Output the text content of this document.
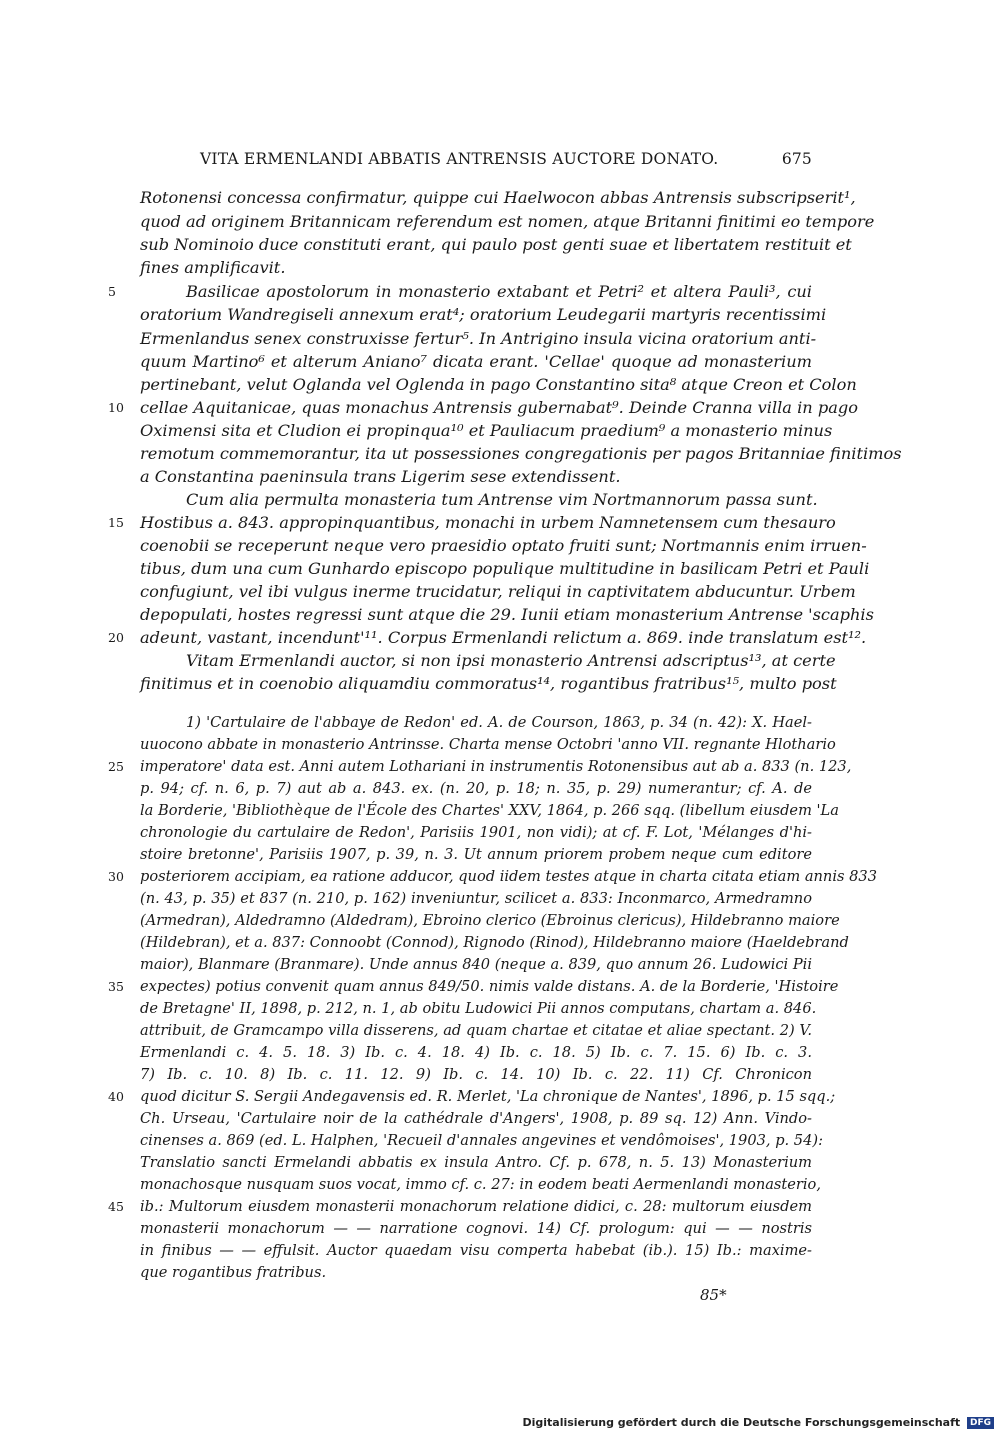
VITA ERMENLANDI ABBATIS ANTRENSIS AUCTORE DONATO.	675
Rotonensi concessa confirmatur, quippe cui Haelwocon abbas Antrensis subscripserit¹,
quod ad originem Britannicam referendum est nomen, atque Britanni finitimi eo tempore
sub Nominoio duce constituti erant, qui paulo post genti suae et libertatem restituit et
fines amplificavit.
Basilicae apostolorum in monasterio extabant et Petri² et altera Pauli³, cui
oratorium Wandregiseli annexum erat⁴; oratorium Leudegarii martyris recentissimi
Ermenlandus senex construxisse fertur⁵. In Antrigino insula vicina oratorium anti-
quum Martino⁶ et alterum Aniano⁷ dicata erant. 'Cellae' quoque ad monasterium
pertinebant, velut Oglanda vel Oglenda in pago Constantino sita⁸ atque Creon et Colon
cellae Aquitanicae, quas monachus Antrensis gubernabat⁹. Deinde Cranna villa in pago
Oximensi sita et Cludion ei propinqua¹⁰ et Pauliacum praedium⁹ a monasterio minus
remotum commemorantur, ita ut possessiones congregationis per pagos Britanniae finitimos
a Constantina paeninsula trans Ligerim sese extendissent.
Cum alia permulta monasteria tum Antrense vim Nortmannorum passa sunt.
Hostibus a. 843. appropinquantibus, monachi in urbem Namnetensem cum thesauro
coenobii se receperunt neque vero praesidio optato fruiti sunt; Nortmannis enim irruen-
tibus, dum una cum Gunhardo episcopo populique multitudine in basilicam Petri et Pauli
confugiunt, vel ibi vulgus inerme trucidatur, reliqui in captivitatem abducuntur. Urbem
depopulati, hostes regressi sunt atque die 29. Iunii etiam monasterium Antrense 'scaphis
adeunt, vastant, incendunt'¹¹. Corpus Ermenlandi relictum a. 869. inde translatum est¹².
Vitam Ermenlandi auctor, si non ipsi monasterio Antrensi adscriptus¹³, at certe
finitimus et in coenobio aliquamdiu commoratus¹⁴, rogantibus fratribus¹⁵, multo post
5
10
15
20
1) 'Cartulaire de l'abbaye de Redon' ed. A. de Courson, 1863, p. 34 (n. 42): X. Hael-
uuocono abbate in monasterio Antrinsse. Charta mense Octobri 'anno VII. regnante Hlothario
imperatore' data est. Anni autem Lothariani in instrumentis Rotonensibus aut ab a. 833 (n. 123,
p. 94; cf. n. 6, p. 7) aut ab a. 843. ex. (n. 20, p. 18; n. 35, p. 29) numerantur; cf. A. de
la Borderie, 'Bibliothèque de l'École des Chartes' XXV, 1864, p. 266 sqq. (libellum eiusdem 'La
chronologie du cartulaire de Redon', Parisiis 1901, non vidi); at cf. F. Lot, 'Mélanges d'hi-
stoire bretonne', Parisiis 1907, p. 39, n. 3. Ut annum priorem probem neque cum editore
posteriorem accipiam, ea ratione adducor, quod iidem testes atque in charta citata etiam annis 833
(n. 43, p. 35) et 837 (n. 210, p. 162) inveniuntur, scilicet a. 833: Inconmarco, Armedramno
(Armedran), Aldedramno (Aldedram), Ebroino clerico (Ebroinus clericus), Hildebranno maiore
(Hildebran), et a. 837: Connoobt (Connod), Rignodo (Rinod), Hildebranno maiore (Haeldebrand
maior), Blanmare (Branmare). Unde annus 840 (neque a. 839, quo annum 26. Ludowici Pii
expectes) potius convenit quam annus 849/50. nimis valde distans. A. de la Borderie, 'Histoire
de Bretagne' II, 1898, p. 212, n. 1, ab obitu Ludowici Pii annos computans, chartam a. 846.
attribuit, de Gramcampo villa disserens, ad quam chartae et citatae et aliae spectant. 2) V.
Ermenlandi c. 4. 5. 18. 3) Ib. c. 4. 18. 4) Ib. c. 18. 5) Ib. c. 7. 15. 6) Ib. c. 3.
7) Ib. c. 10. 8) Ib. c. 11. 12. 9) Ib. c. 14. 10) Ib. c. 22. 11) Cf. Chronicon
quod dicitur S. Sergii Andegavensis ed. R. Merlet, 'La chronique de Nantes', 1896, p. 15 sqq.;
Ch. Urseau, 'Cartulaire noir de la cathédrale d'Angers', 1908, p. 89 sq. 12) Ann. Vindo-
cinenses a. 869 (ed. L. Halphen, 'Recueil d'annales angevines et vendômoises', 1903, p. 54):
Translatio sancti Ermelandi abbatis ex insula Antro. Cf. p. 678, n. 5. 13) Monasterium
monachosque nusquam suos vocat, immo cf. c. 27: in eodem beati Aermenlandi monasterio,
ib.: Multorum eiusdem monasterii monachorum relatione didici, c. 28: multorum eiusdem
monasterii monachorum — — narratione cognovi. 14) Cf. prologum: qui — — nostris
in finibus — — effulsit. Auctor quaedam visu comperta habebat (ib.). 15) Ib.: maxime-
que rogantibus fratribus.
25
30
35
40
45
85*
Digitalisierung gefördert durch die Deutsche Forschungsgemeinschaft DFG
